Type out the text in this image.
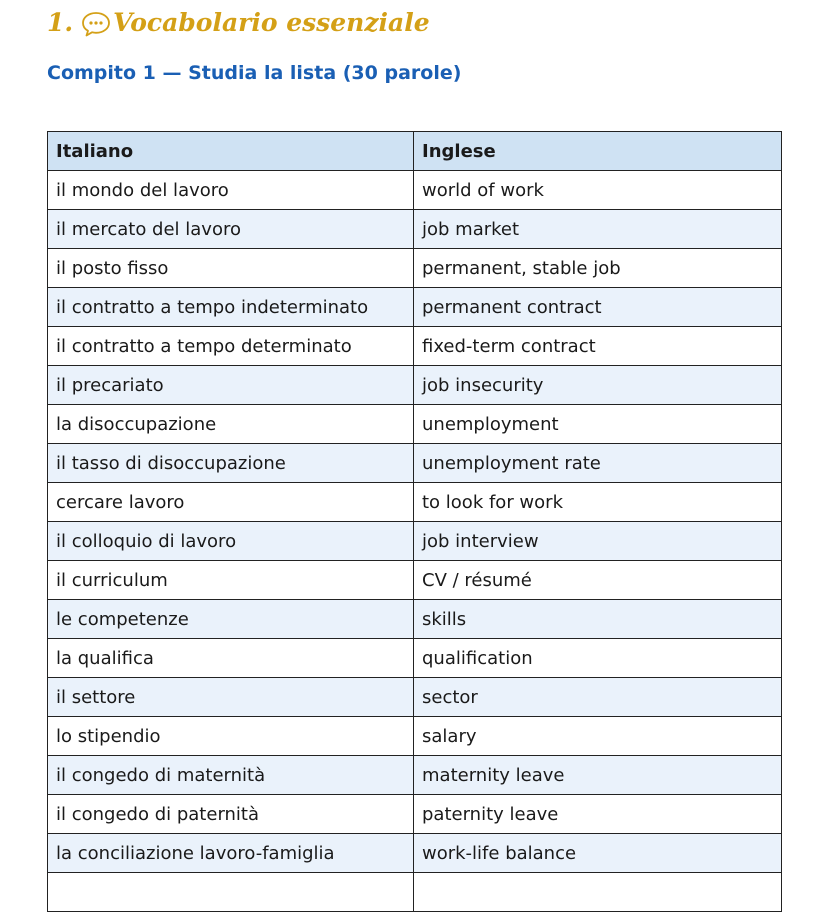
1. Vocabolario essenziale
Compito 1 — Studia la lista (30 parole)
Italiano	Inglese
il mondo del lavoro	world of work
il mercato del lavoro	job market
il posto fisso	permanent, stable job
il contratto a tempo indeterminato	permanent contract
il contratto a tempo determinato	fixed-term contract
il precariato	job insecurity
la disoccupazione	unemployment
il tasso di disoccupazione	unemployment rate
cercare lavoro	to look for work
il colloquio di lavoro	job interview
il curriculum	CV / résumé
le competenze	skills
la qualifica	qualification
il settore	sector
lo stipendio	salary
il congedo di maternità	maternity leave
il congedo di paternità	paternity leave
la conciliazione lavoro-famiglia	work-life balance
